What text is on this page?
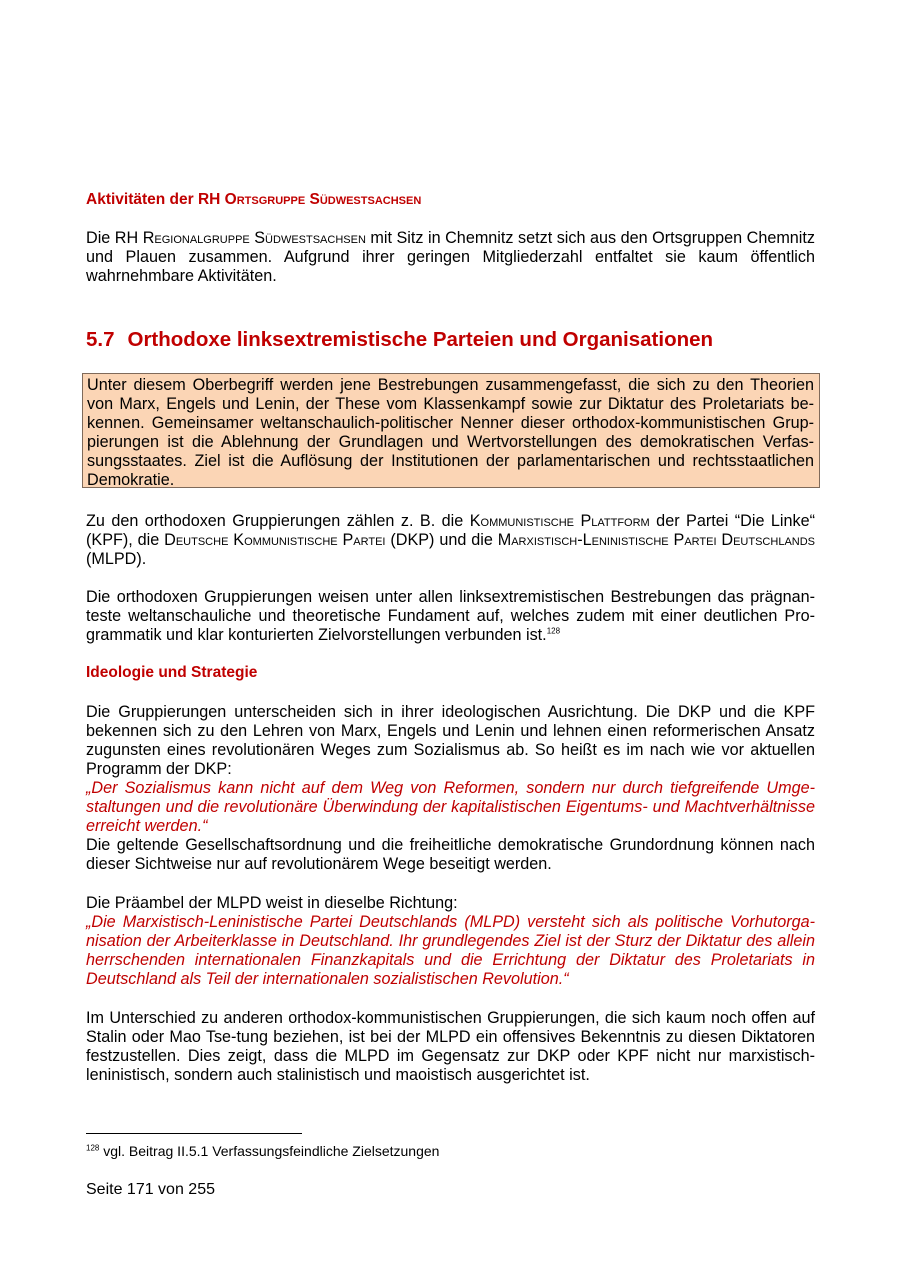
Aktivitäten der RH Ortsgruppe Südwestsachsen

Die RH Regionalgruppe Südwestsachsen mit Sitz in Chemnitz setzt sich aus den Ortsgruppen Chemnitz und Plauen zusammen. Aufgrund ihrer geringen Mitgliederzahl entfaltet sie kaum öffentlich wahrnehmbare Aktivitäten.

5.7 Orthodoxe linksextremistische Parteien und Organisationen

Unter diesem Oberbegriff werden jene Bestrebungen zusammengefasst, die sich zu den Theorien von Marx, Engels und Lenin, der These vom Klassenkampf sowie zur Diktatur des Proletariats bekennen. Gemeinsamer weltanschaulich-politischer Nenner dieser orthodox-kommunistischen Gruppierungen ist die Ablehnung der Grundlagen und Wertvorstellungen des demokratischen Verfassungsstaates. Ziel ist die Auflösung der Institutionen der parlamentarischen und rechtsstaatlichen Demokratie.

Zu den orthodoxen Gruppierungen zählen z. B. die Kommunistische Plattform der Partei “Die Linke“ (KPF), die Deutsche Kommunistische Partei (DKP) und die Marxistisch-Leninistische Partei Deutschlands (MLPD).

Die orthodoxen Gruppierungen weisen unter allen linksextremistischen Bestrebungen das prägnanteste weltanschauliche und theoretische Fundament auf, welches zudem mit einer deutlichen Programmatik und klar konturierten Zielvorstellungen verbunden ist.$^{128}$

Ideologie und Strategie

Die Gruppierungen unterscheiden sich in ihrer ideologischen Ausrichtung. Die DKP und die KPF bekennen sich zu den Lehren von Marx, Engels und Lenin und lehnen einen reformerischen Ansatz zugunsten eines revolutionären Weges zum Sozialismus ab. So heißt es im nach wie vor aktuellen Programm der DKP:

„Der Sozialismus kann nicht auf dem Weg von Reformen, sondern nur durch tiefgreifende Umgestaltungen und die revolutionäre Überwindung der kapitalistischen Eigentums- und Machtverhältnisse erreicht werden.“

Die geltende Gesellschaftsordnung und die freiheitliche demokratische Grundordnung können nach dieser Sichtweise nur auf revolutionärem Wege beseitigt werden.

Die Präambel der MLPD weist in dieselbe Richtung:

„Die Marxistisch-Leninistische Partei Deutschlands (MLPD) versteht sich als politische Vorhutorganisation der Arbeiterklasse in Deutschland. Ihr grundlegendes Ziel ist der Sturz der Diktatur des allein herrschenden internationalen Finanzkapitals und die Errichtung der Diktatur des Proletariats in Deutschland als Teil der internationalen sozialistischen Revolution.“

Im Unterschied zu anderen orthodox-kommunistischen Gruppierungen, die sich kaum noch offen auf Stalin oder Mao Tse-tung beziehen, ist bei der MLPD ein offensives Bekenntnis zu diesen Diktatoren festzustellen. Dies zeigt, dass die MLPD im Gegensatz zur DKP oder KPF nicht nur marxistisch-leninistisch, sondern auch stalinistisch und maoistisch ausgerichtet ist.

$^{128}$ vgl. Beitrag II.5.1 Verfassungsfeindliche Zielsetzungen
Seite 171 von 255
